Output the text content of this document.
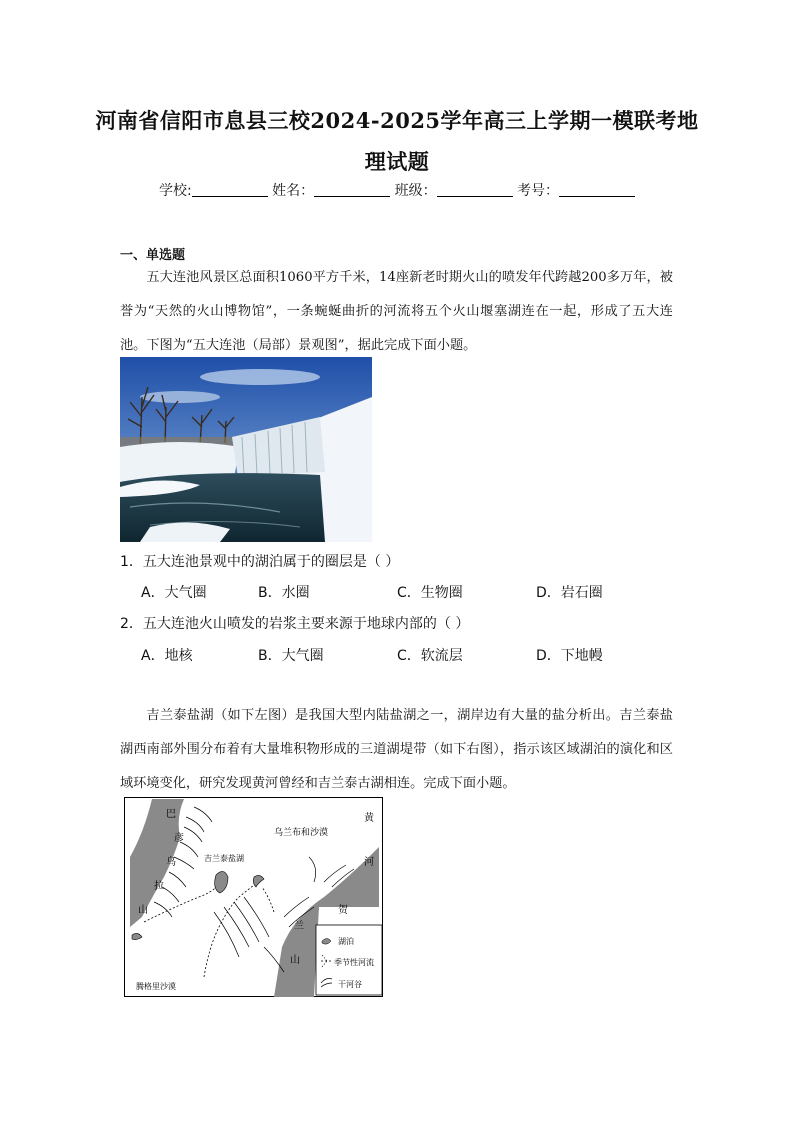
河南省信阳市息县三校2024-2025学年高三上学期一模联考地
理试题
学校:	姓名：	班级：	考号：
一、单选题
五大连池风景区总面积1060平方千米，14座新老时期火山的喷发年代跨越200多万年，被誉为“天然的火山博物馆”，一条蜿蜒曲折的河流将五个火山堰塞湖连在一起，形成了五大连池。下图为“五大连池（局部）景观图”，据此完成下面小题。
1．五大连池景观中的湖泊属于的圈层是（ ）
A．大气圈	B．水圈	C．生物圈	D．岩石圈
2．五大连池火山喷发的岩浆主要来源于地球内部的（ ）
A．地核	B．大气圈	C．软流层	D．下地幔
吉兰泰盐湖（如下左图）是我国大型内陆盐湖之一，湖岸边有大量的盐分析出。吉兰泰盐湖西南部外围分布着有大量堆积物形成的三道湖堤带（如下右图），指示该区域湖泊的演化和区域环境变化，研究发现黄河曾经和吉兰泰古湖相连。完成下面小题。
乌兰布和沙漠
吉兰泰盐湖
腾格里沙漠
巴
彦
乌
拉
山
黄
河
贺
兰
山
湖泊
季节性河流
干河谷
